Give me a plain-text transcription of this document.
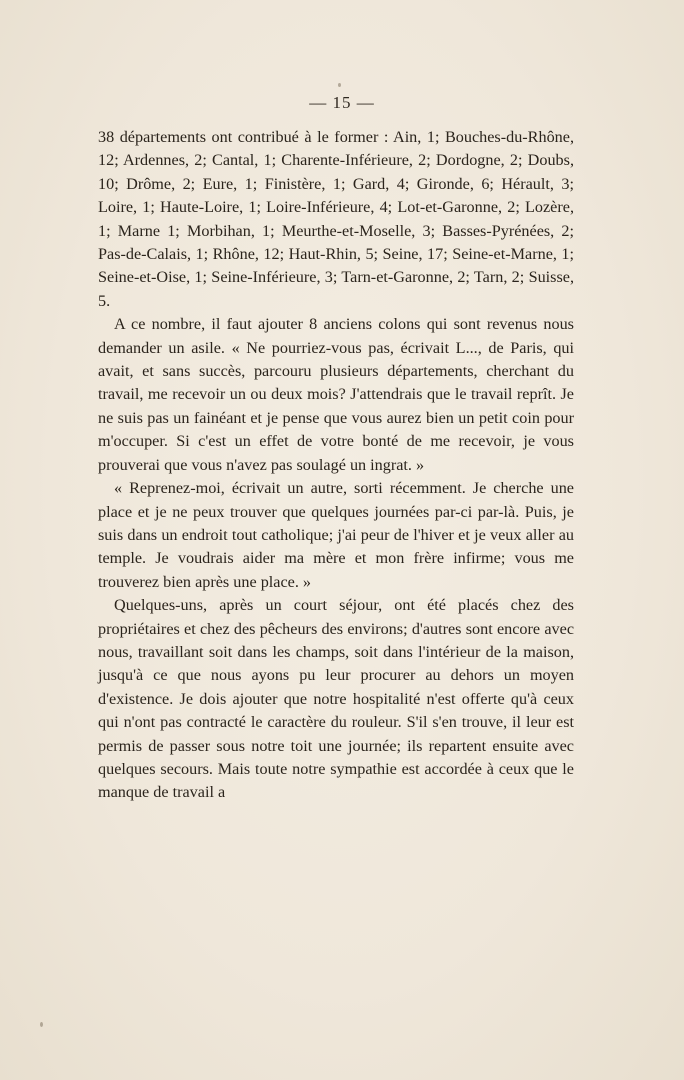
— 15 —

38 départements ont contribué à le former : Ain, 1; Bouches-du-Rhône, 12; Ardennes, 2; Cantal, 1; Charente-Inférieure, 2; Dordogne, 2; Doubs, 10; Drôme, 2; Eure, 1; Finistère, 1; Gard, 4; Gironde, 6; Hérault, 3; Loire, 1; Haute-Loire, 1; Loire-Inférieure, 4; Lot-et-Garonne, 2; Lozère, 1; Marne 1; Morbihan, 1; Meurthe-et-Moselle, 3; Basses-Pyrénées, 2; Pas-de-Calais, 1; Rhône, 12; Haut-Rhin, 5; Seine, 17; Seine-et-Marne, 1; Seine-et-Oise, 1; Seine-Inférieure, 3; Tarn-et-Garonne, 2; Tarn, 2; Suisse, 5.

A ce nombre, il faut ajouter 8 anciens colons qui sont revenus nous demander un asile. « Ne pourriez-vous pas, écrivait L..., de Paris, qui avait, et sans succès, parcouru plusieurs départements, cherchant du travail, me recevoir un ou deux mois? J'attendrais que le travail reprît. Je ne suis pas un fainéant et je pense que vous aurez bien un petit coin pour m'occuper. Si c'est un effet de votre bonté de me recevoir, je vous prouverai que vous n'avez pas soulagé un ingrat. »

« Reprenez-moi, écrivait un autre, sorti récemment. Je cherche une place et je ne peux trouver que quelques journées par-ci par-là. Puis, je suis dans un endroit tout catholique; j'ai peur de l'hiver et je veux aller au temple. Je voudrais aider ma mère et mon frère infirme; vous me trouverez bien après une place. »

Quelques-uns, après un court séjour, ont été placés chez des propriétaires et chez des pêcheurs des environs; d'autres sont encore avec nous, travaillant soit dans les champs, soit dans l'intérieur de la maison, jusqu'à ce que nous ayons pu leur procurer au dehors un moyen d'existence. Je dois ajouter que notre hospitalité n'est offerte qu'à ceux qui n'ont pas contracté le caractère du rouleur. S'il s'en trouve, il leur est permis de passer sous notre toit une journée; ils repartent ensuite avec quelques secours. Mais toute notre sympathie est accordée à ceux que le manque de travail a
